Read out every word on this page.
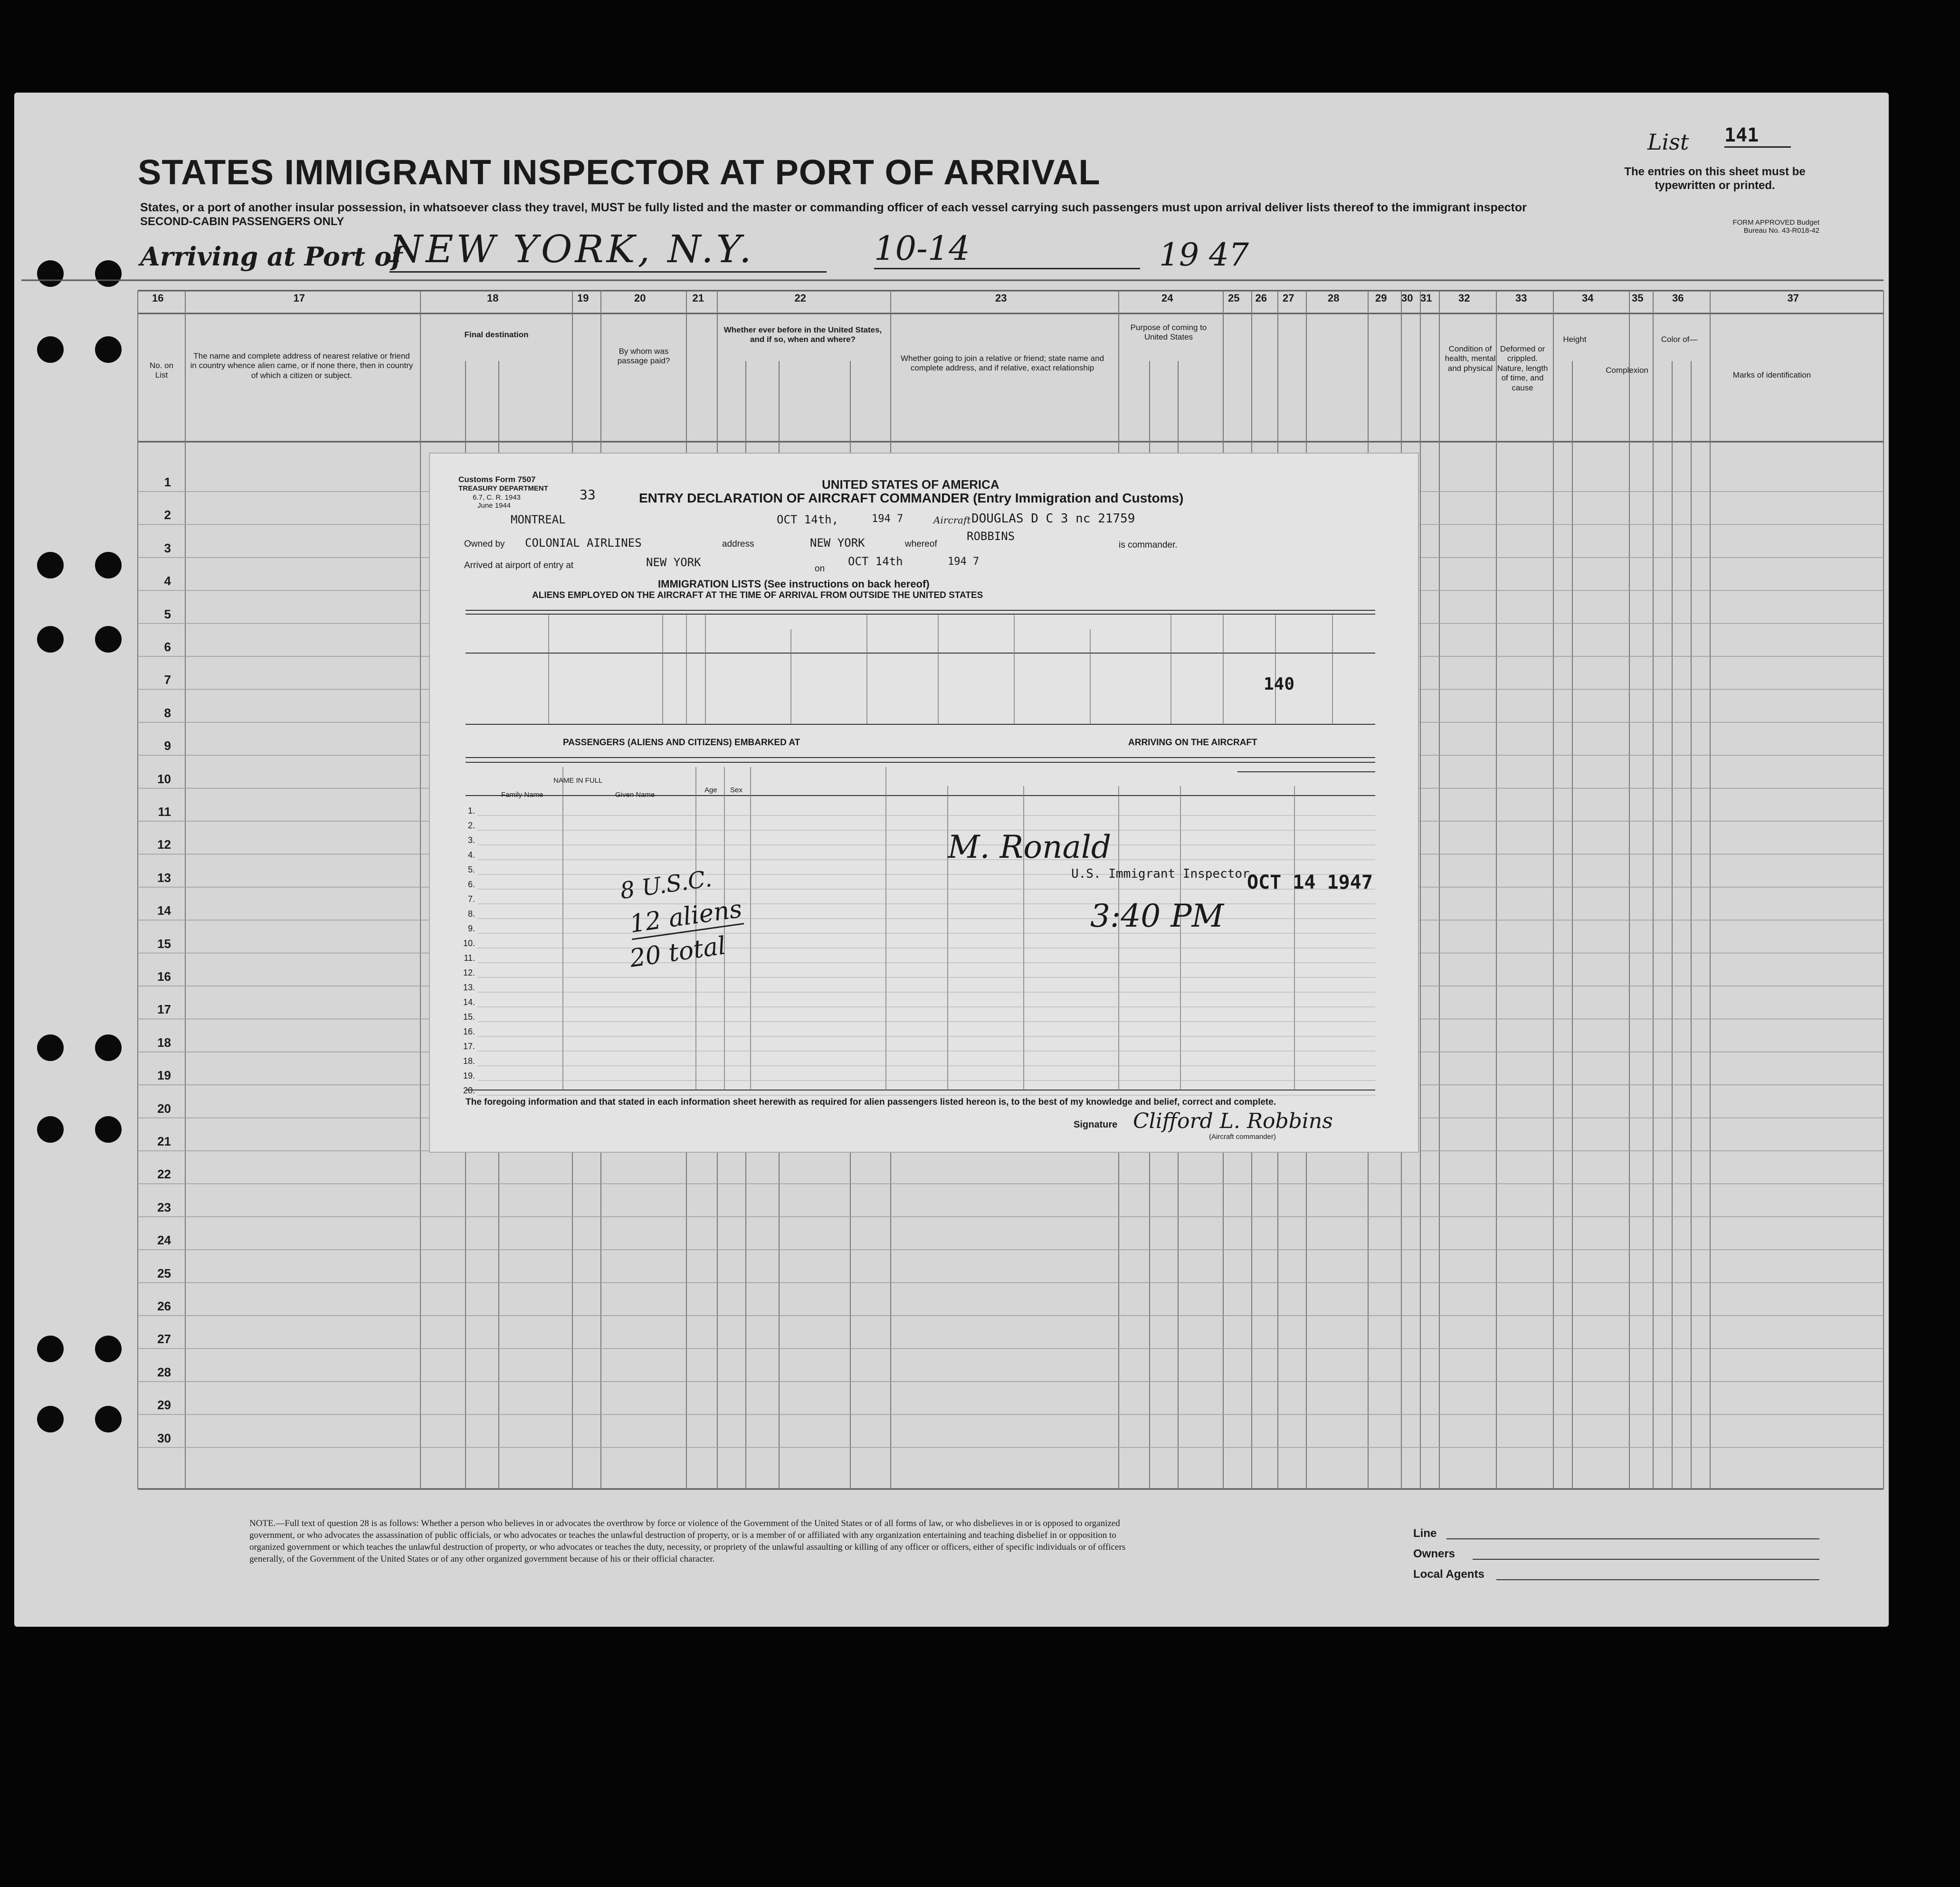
STATES IMMIGRANT INSPECTOR AT PORT OF ARRIVAL
States, or a port of another insular possession, in whatsoever class they travel, MUST be fully listed and the master or commanding officer of each vessel carrying such passengers must upon arrival deliver lists thereof to the immigrant inspector
SECOND-CABIN PASSENGERS ONLY
List 141
The entries on this sheet must be typewritten or printed.
FORM APPROVED Budget Bureau No. 43-R018-42
Arriving at Port of
NEW YORK, N.Y.	10-14	19 47
16	17	18	19	20	21	22	23	24	25 26 27	28	29 30 31	32	33	34	35	36	37
No. on List
The name and complete address of nearest relative or friend in country whence alien came, or if none there, then in country of which a citizen or subject.
Final destination
By whom was passage paid?
Whether ever before in the United States, and if so, when and where?
Whether going to join a relative or friend; state name and complete address, and if relative, exact relationship
Purpose of coming to United States
Condition of health, mental and physical
Deformed or crippled. Nature, length of time, and cause
Height
Complexion
Color of—
Marks of identification
1
2
3
4
5
6
7
8
9
10
11
12
13
14
15
16
17
18
19
20
21
22
23
24
25
26
27
28
29
30
Customs Form 7507
TREASURY DEPARTMENT
6.7, C. R. 1943
June 1944
33
UNITED STATES OF AMERICA
ENTRY DECLARATION OF AIRCRAFT COMMANDER (Entry Immigration and Customs)
MONTREAL	OCT 14th,	194 7	Aircraft DOUGLAS D C 3 nc 21759
Owned by COLONIAL AIRLINES	address	NEW YORK	whereof
ROBBINS
is commander.
Arrived at airport of entry at	NEW YORK	on
OCT 14th	194 7
IMMIGRATION LISTS (See instructions on back hereof)
ALIENS EMPLOYED ON THE AIRCRAFT AT THE TIME OF ARRIVAL FROM OUTSIDE THE UNITED STATES
140
PASSENGERS (ALIENS AND CITIZENS) EMBARKED AT	ARRIVING ON THE AIRCRAFT
NAME IN FULL
Family Name	Given Name
Age Sex
1.
2.
3.
4.
5.
6.
7.
8.
9.
10.
11.
12.
13.
14.
15.
16.
17.
18.
19.
20.
8 U.S.C.
12 aliens
20 total
M. Ronald
U.S. Immigrant Inspector
OCT 14 1947
3:40 PM
The foregoing information and that stated in each information sheet herewith as required for alien passengers listed hereon is, to the best of my knowledge and belief, correct and complete.
Signature Clifford L. Robbins
(Aircraft commander)
NOTE.—Full text of question 28 is as follows: Whether a person who believes in or advocates the overthrow by force or violence of the Government of the United States or of all forms of law, or who disbelieves in or is opposed to organized government, or who advocates the assassination of public officials, or who advocates or teaches the unlawful destruction of property, or is a member of or affiliated with any organization entertaining and teaching disbelief in or opposition to organized government or which teaches the unlawful destruction of property, or who advocates or teaches the duty, necessity, or propriety of the unlawful assaulting or killing of any officer or officers, either of specific individuals or of officers generally, of the Government of the United States or of any other organized government because of his or their official character.
Line
Owners
Local Agents
